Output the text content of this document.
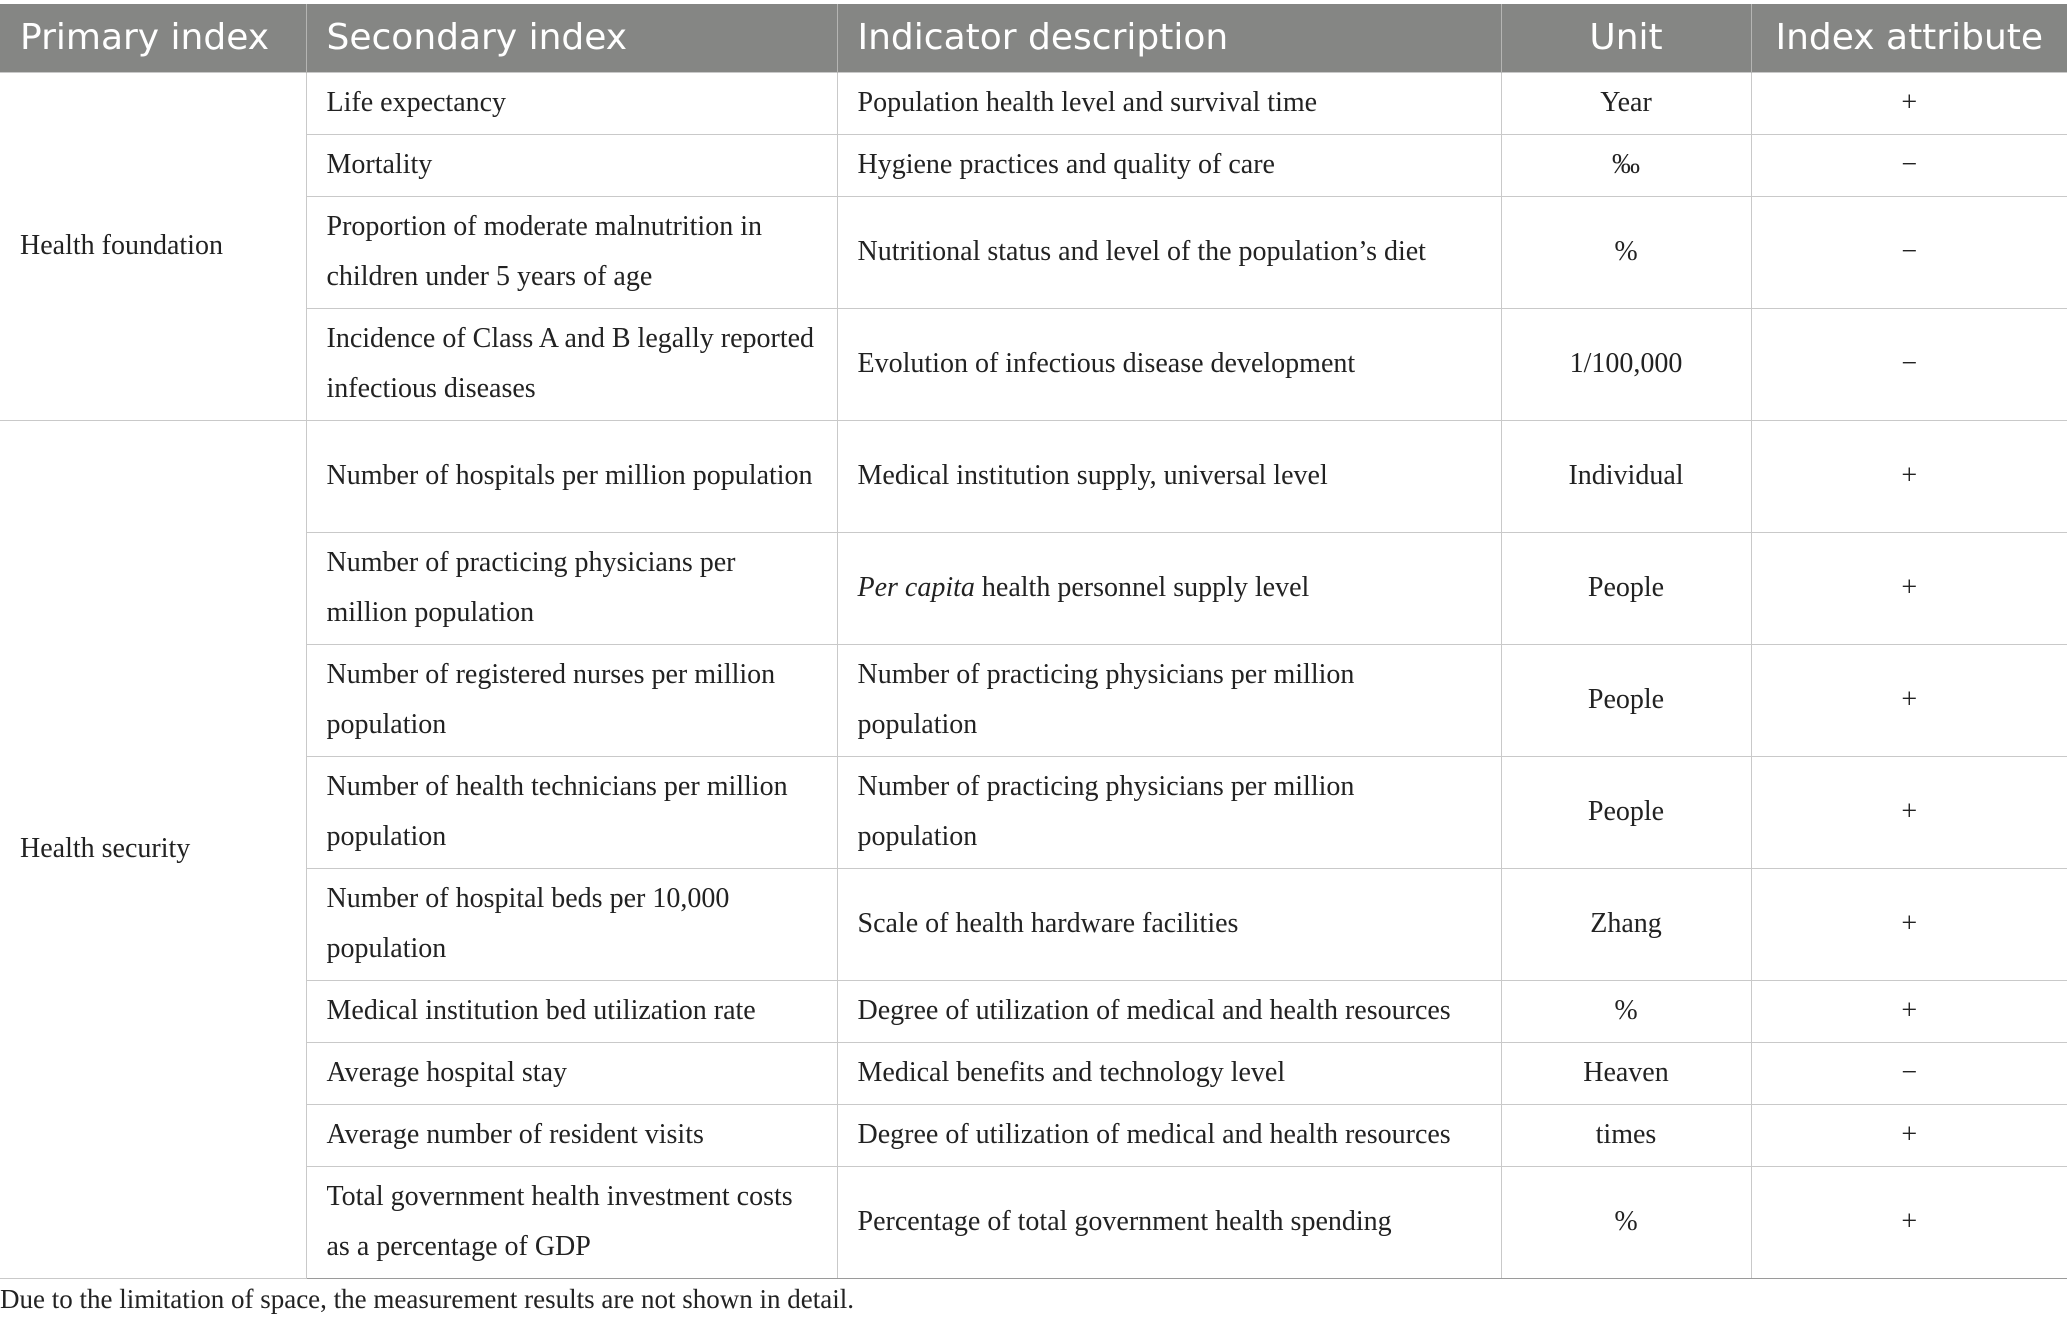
Primary index	Secondary index	Indicator description	Unit	Index attribute
Health foundation	Life expectancy	Population health level and survival time	Year	+
	Mortality	Hygiene practices and quality of care	‰	−
	Proportion of moderate malnutrition in children under 5 years of age	Nutritional status and level of the population’s diet	%	−
	Incidence of Class A and B legally reported infectious diseases	Evolution of infectious disease development	1/100,000	−
Health security	Number of hospitals per million population	Medical institution supply, universal level	Individual	+
	Number of practicing physicians per million population	Per capita health personnel supply level	People	+
	Number of registered nurses per million population	Number of practicing physicians per million population	People	+
	Number of health technicians per million population	Number of practicing physicians per million population	People	+
	Number of hospital beds per 10,000 population	Scale of health hardware facilities	Zhang	+
	Medical institution bed utilization rate	Degree of utilization of medical and health resources	%	+
	Average hospital stay	Medical benefits and technology level	Heaven	−
	Average number of resident visits	Degree of utilization of medical and health resources	times	+
	Total government health investment costs as a percentage of GDP	Percentage of total government health spending	%	+
Due to the limitation of space, the measurement results are not shown in detail.
